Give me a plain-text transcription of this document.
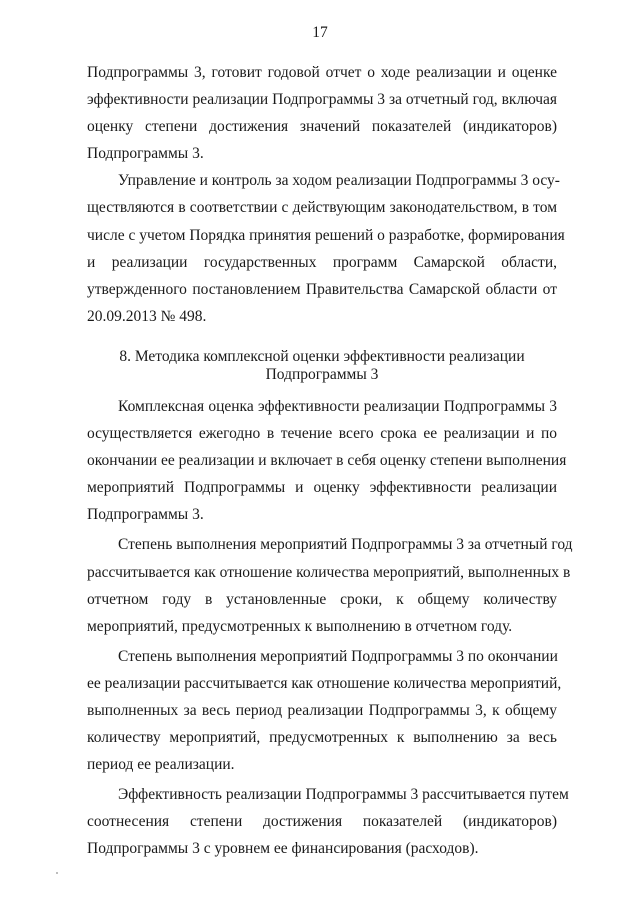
17
Подпрограммы 3, готовит годовой отчет о ходе реализации и оценке
эффективности реализации Подпрограммы 3 за отчетный год, включая
оценку степени достижения значений показателей (индикаторов)
Подпрограммы 3.
Управление и контроль за ходом реализации Подпрограммы 3 осу-
ществляются в соответствии с действующим законодательством, в том
числе с учетом Порядка принятия решений о разработке, формирования
и реализации государственных программ Самарской области,
утвержденного постановлением Правительства Самарской области от
20.09.2013 № 498.
8. Методика комплексной оценки эффективности реализации
Подпрограммы 3
Комплексная оценка эффективности реализации Подпрограммы 3
осуществляется ежегодно в течение всего срока ее реализации и по
окончании ее реализации и включает в себя оценку степени выполнения
мероприятий Подпрограммы и оценку эффективности реализации
Подпрограммы 3.
Степень выполнения мероприятий Подпрограммы 3 за отчетный год
рассчитывается как отношение количества мероприятий, выполненных в
отчетном году в установленные сроки, к общему количеству
мероприятий, предусмотренных к выполнению в отчетном году.
Степень выполнения мероприятий Подпрограммы 3 по окончании
ее реализации рассчитывается как отношение количества мероприятий,
выполненных за весь период реализации Подпрограммы 3, к общему
количеству мероприятий, предусмотренных к выполнению за весь
период ее реализации.
Эффективность реализации Подпрограммы 3 рассчитывается путем
соотнесения степени достижения показателей (индикаторов)
Подпрограммы 3 с уровнем ее финансирования (расходов).
